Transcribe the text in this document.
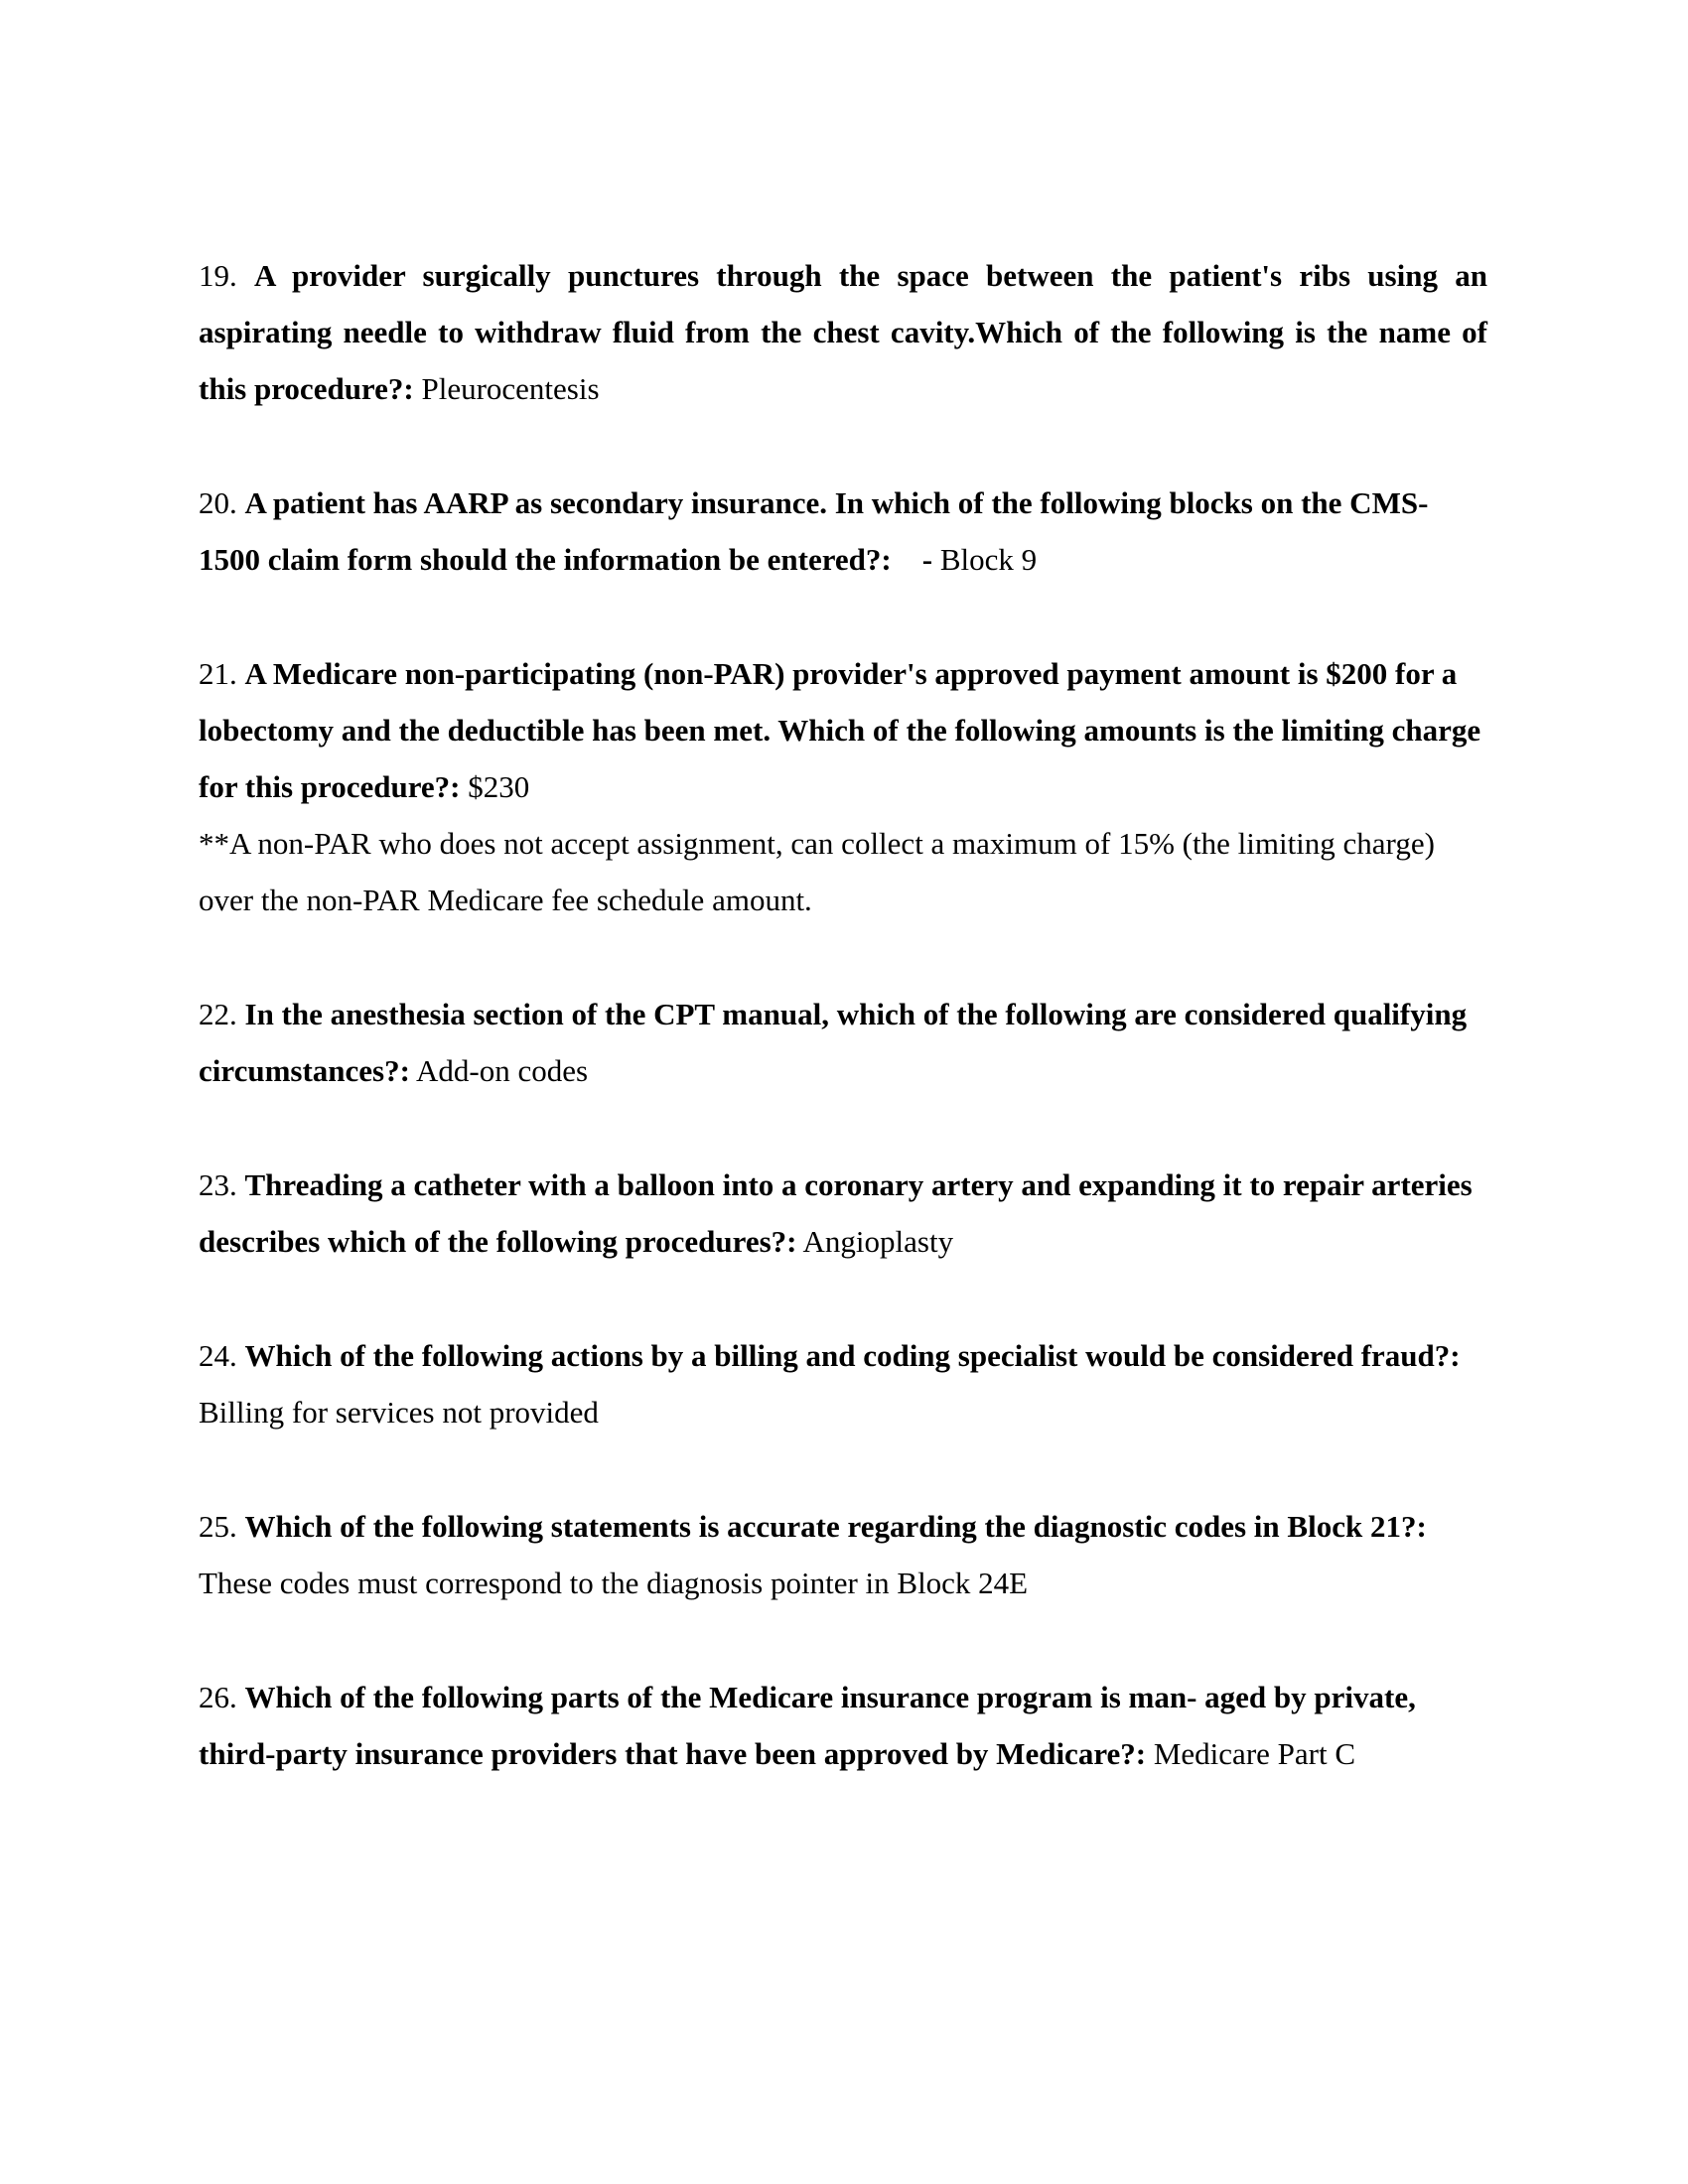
19. A provider surgically punctures through the space between the patient's ribs using an aspirating needle to withdraw fluid from the chest cavity.Which of the following is the name of this procedure?: Pleurocentesis

20. A patient has AARP as secondary insurance. In which of the following blocks on the CMS-1500 claim form should the information be entered?: - Block 9

21. A Medicare non-participating (non-PAR) provider's approved payment amount is $200 for a lobectomy and the deductible has been met. Which of the following amounts is the limiting charge for this procedure?: $230
**A non-PAR who does not accept assignment, can collect a maximum of 15% (the limiting charge) over the non-PAR Medicare fee schedule amount.

22. In the anesthesia section of the CPT manual, which of the following are considered qualifying circumstances?: Add-on codes

23. Threading a catheter with a balloon into a coronary artery and expanding it to repair arteries describes which of the following procedures?: Angioplasty

24. Which of the following actions by a billing and coding specialist would be considered fraud?: Billing for services not provided

25. Which of the following statements is accurate regarding the diagnostic codes in Block 21?: These codes must correspond to the diagnosis pointer in Block 24E

26. Which of the following parts of the Medicare insurance program is man- aged by private, third-party insurance providers that have been approved by Medicare?: Medicare Part C
